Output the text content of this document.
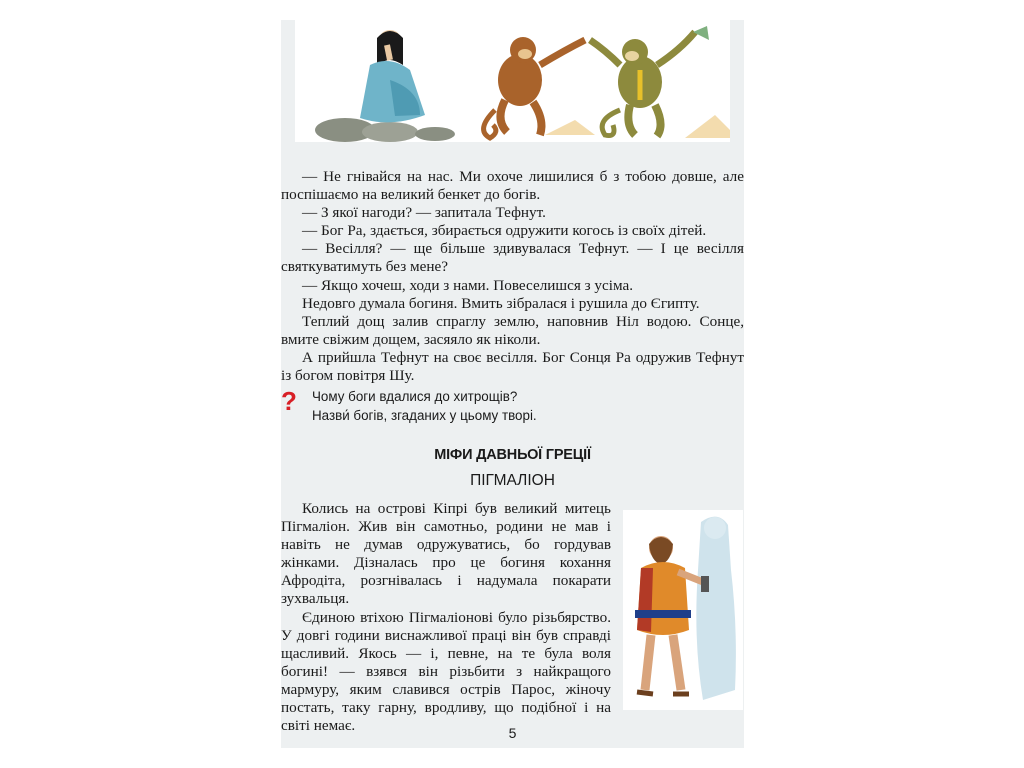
— Не гнівайся на нас. Ми охоче лишилися б з тобою довше, але поспішаємо на великий бенкет до богів.

— З якої нагоди? — запитала Тефнут.

— Бог Ра, здається, збирається одружити когось із своїх дітей.

— Весілля? — ще більше здивувалася Тефнут. — І це весілля святкуватимуть без мене?

— Якщо хочеш, ходи з нами. Повеселишся з усіма.

Недовго думала богиня. Вмить зібралася і рушила до Єгипту.

Теплий дощ залив спраглу землю, наповнив Ніл водою. Сонце, вмите свіжим дощем, засяяло як ніколи.

А прийшла Тефнут на своє весілля. Бог Сонця Ра одружив Тефнут із богом повітря Шу.

? Чому боги вдалися до хитрощів?
Назви́ богів, згаданих у цьому творі.
МІФИ ДАВНЬОЇ ГРЕЦІЇ
ПІГМАЛІОН

Колись на острові Кіпрі був великий митець Пігмаліон. Жив він самотньо, родини не мав і навіть не думав одружуватись, бо гордував жінками. Дізналась про це богиня кохання Афродіта, розгнівалась і надумала покарати зухвальця.

Єдиною втіхою Пігмаліонові було різьбярство. У довгі години виснажливої праці він був справді щасливий. Якось — і, певне, на те була воля богині! — взявся він різьбити з найкращого мармуру, яким славився острів Парос, жіночу постать, таку гарну, вродливу, що подібної і на світі немає.	5
